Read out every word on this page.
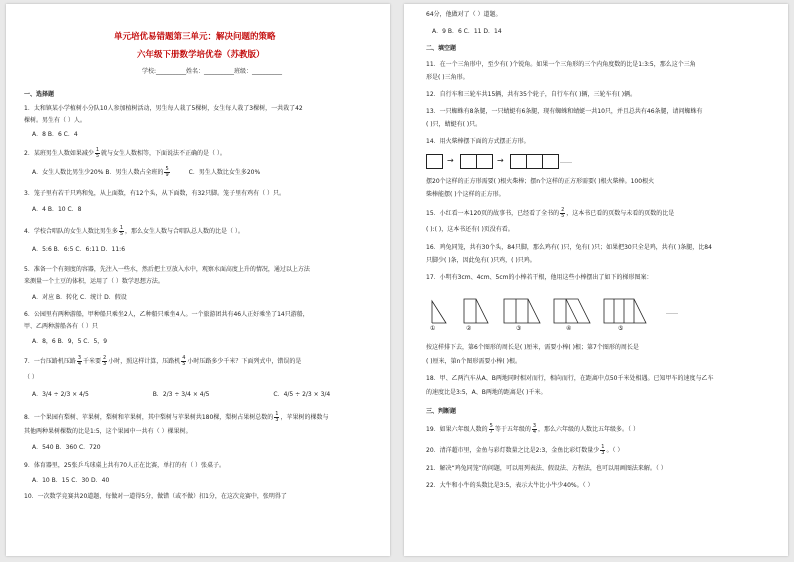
单元培优易错题第三单元：解决问题的策略
六年级下册数学培优卷（苏教版）
学校:__________姓名：__________班级：__________
一、选择题
1．太和镇某小学植树小分队10人参加植树活动，男生每人栽了5棵树，女生每人栽了3棵树，一共栽了42
棵树。男生有（ ）人。
A．8 B．6 C．4
2．某班男生人数如果减少 $\frac{1}{5}$ 就与女生人数相等，下面说法不正确的是（ ）。
A．女生人数比男生少20% B．男生人数占全班的 $\frac{5}{9}$	C．男生人数比女生多20%
3．笼子里有若干只鸡和兔，从上面数，有12个头，从下面数，有32只脚。笼子里有鸡有（ ）只。
A．4 B．10 C．8
4．学校合唱队的女生人数比男生多 $\frac{1}{5}$ ，那么女生人数与合唱队总人数的比是（ ）。
A．5:6 B．6:5 C．6:11 D．11:6
5．准备一个有刻度的容器，先注入一些水，然后把土豆放入水中，观察水面高度上升的情况，通过以上方法
来测量一个土豆的体积，运用了（ ）数学思想方法。
A．对应 B．转化 C．统计 D．假设
6．公园里有两种游船，甲种船只乘坐2人，乙种船只乘坐4人。一个旅游团共有46人正好乘坐了14只游船，
甲、乙两种游船各有（ ）只
A．8，6 B．9，5 C．5，9
7．一台压路机压路 $\frac{3}{4}$ 千米要 $\frac{2}{3}$ 小时，照这样计算，压路机 $\frac{4}{5}$ 小时压路多少千米？下面列式中，错误的是
（ ）
A．3/4 ÷ 2/3 × 4/5	B．2/3 ÷ 3/4 × 4/5	C．4/5 ÷ 2/3 × 3/4
8．一个果园有梨树、苹果树，梨树和苹果树，其中梨树与苹果树共180棵，梨树占果树总数的 $\frac{1}{3}$ ，苹果树的棵数与
其他两种果树棵数的比是1:5，这个果园中一共有（ ）棵果树。
A．540 B．360 C．720
9．体育器里，25张乒乓球桌上共有70人正在比赛，单打的有（ ）张桌子。
A．10 B．15 C．30 D．40
10．一次数学竞赛共20道题，每做对一道得5分，做错（或不做）扣1分，在这次竞赛中，张明得了
64分，他做对了（ ）道题。
A．9 B．6 C．11 D．14
二、填空题
11．在一个三角形中，至少有( )个锐角。如果一个三角形的三个内角度数的比是1:3:5，那么这个三角
形是( )三角形。
12．自行车和三轮车共15辆，共有35个轮子，自行车有( )辆，三轮车有( )辆。
13．一只蜘蛛有8条腿，一只蜻蜓有6条腿，现有蜘蛛和蜻蜓一共10只，并且总共有46条腿，请问蜘蛛有
( )只，蜻蜓有( )只。
14．用火柴棒摆下面的方式摆正方形。
→	→	……
摆20个这样的正方形需要( )根火柴棒；摆n个这样的正方形需要( )根火柴棒。100根火
柴棒能摆( )个这样的正方形。
15．小红看一本120页的故事书，已经看了全书的 $\frac{2}{5}$ ，这本书已看的页数与未看的页数的比是
( ):( )，这本书还有( )页没有看。
16．鸡兔同笼，共有30个头，84只脚，那么鸡有( )只，兔有( )只；如果把30只全是鸡，共有( )条腿，比84
只脚少( )条，因此兔有( )只鸡，( )只鸡。
17．小明有3cm、4cm、5cm的小棒若干根，他用这些小棒摆出了如下的梯形图案：
①	②	③	④	⑤
……
按这样排下去，第6个图形的周长是( )厘米，需要小棒( )根；第7个图形的周长是
( )厘米，第n个图形需要小棒( )根。
18．甲、乙两汽车从A、B两地同时相对而行，相向而行，在距离中点50千米处相遇。已知甲车的速度与乙车
的速度比是3:5，A、B两地的距离是( )千米。
三、判断题
19．如果六年级人数的 $\frac{5}{7}$ 等于五年级的 $\frac{3}{4}$ ，那么六年级的人数比五年级多。（ ）
20．清洋超市里，金鱼与彩灯数量之比是2:3，金鱼比彩灯数量少 $\frac{1}{3}$ 。（ ）
21．解决“鸡兔同笼”的问题，可以用列表法、假设法、方程法，也可以用画图法来解。（ ）
22．大牛和小牛的头数比是3:5，表示大牛比小牛少40%。（ ）
